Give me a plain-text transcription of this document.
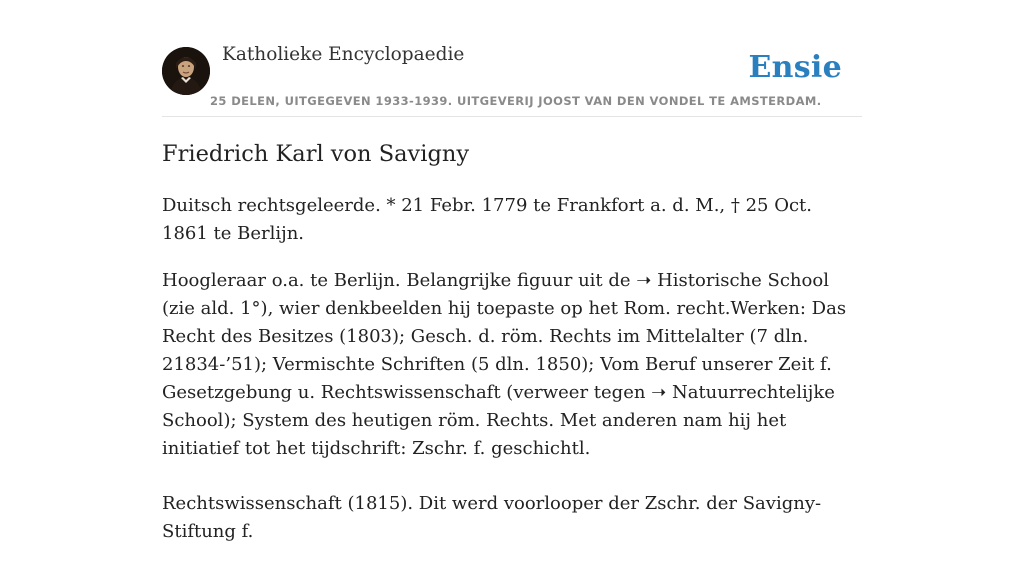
Katholieke Encyclopaedie	Ensie
25 DELEN, UITGEGEVEN 1933-1939. UITGEVERIJ JOOST VAN DEN VONDEL TE AMSTERDAM.
Friedrich Karl von Savigny

Duitsch rechtsgeleerde. * 21 Febr. 1779 te Frankfort a. d. M., † 25 Oct. 1861 te Berlijn.

Hoogleraar o.a. te Berlijn. Belangrijke figuur uit de ➝ Historische School (zie ald. 1°), wier denkbeelden hij toepaste op het Rom. recht.Werken: Das Recht des Besitzes (1803); Gesch. d. röm. Rechts im Mittelalter (7 dln. 21834-’51); Vermischte Schriften (5 dln. 1850); Vom Beruf unserer Zeit f. Gesetzgebung u. Rechtswissenschaft (verweer tegen ➝ Natuurrechtelijke School); System des heutigen röm. Rechts. Met anderen nam hij het initiatief tot het tijdschrift: Zschr. f. geschichtl.

Rechtswissenschaft (1815). Dit werd voorlooper der Zschr. der Savigny-Stiftung f.
